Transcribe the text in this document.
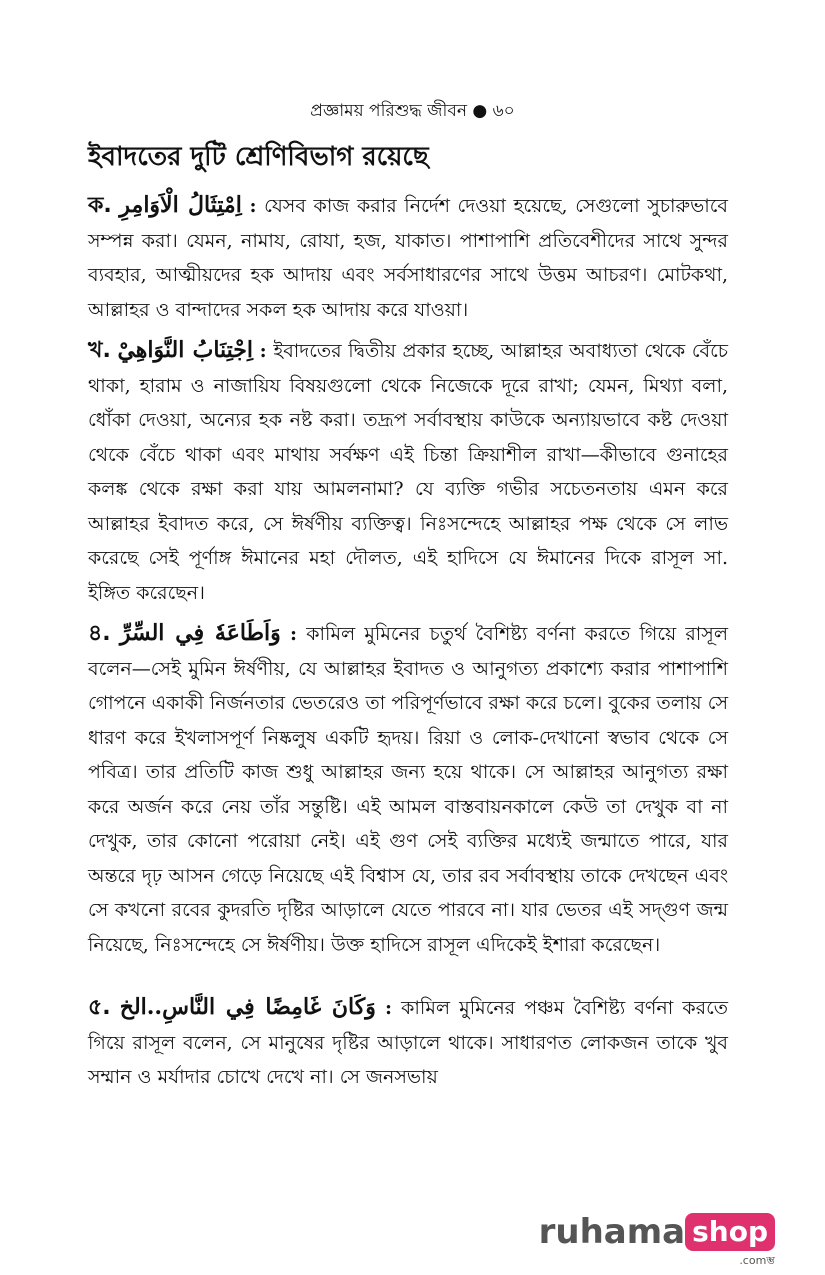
প্রজ্ঞাময় পরিশুদ্ধ জীবন ● ৬০
ইবাদতের দুটি শ্রেণিবিভাগ রয়েছে

ক. اِمْتِثَالُ الْاَوَامِرِ : যেসব কাজ করার নির্দেশ দেওয়া হয়েছে, সেগুলো সুচারুভাবে সম্পন্ন করা। যেমন, নামায, রোযা, হজ, যাকাত। পাশাপাশি প্রতিবেশীদের সাথে সুন্দর ব্যবহার, আত্মীয়দের হক আদায় এবং সর্বসাধারণের সাথে উত্তম আচরণ। মোটকথা, আল্লাহর ও বান্দাদের সকল হক আদায় করে যাওয়া।

খ. اِجْتِنَابُ النَّوَاهِيْ : ইবাদতের দ্বিতীয় প্রকার হচ্ছে, আল্লাহর অবাধ্যতা থেকে বেঁচে থাকা, হারাম ও নাজায়িয বিষয়গুলো থেকে নিজেকে দূরে রাখা; যেমন, মিথ্যা বলা, ধোঁকা দেওয়া, অন্যের হক নষ্ট করা। তদ্রূপ সর্বাবস্থায় কাউকে অন্যায়ভাবে কষ্ট দেওয়া থেকে বেঁচে থাকা এবং মাথায় সর্বক্ষণ এই চিন্তা ক্রিয়াশীল রাখা—কীভাবে গুনাহের কলঙ্ক থেকে রক্ষা করা যায় আমলনামা? যে ব্যক্তি গভীর সচেতনতায় এমন করে আল্লাহর ইবাদত করে, সে ঈর্ষণীয় ব্যক্তিত্ব। নিঃসন্দেহে আল্লাহর পক্ষ থেকে সে লাভ করেছে সেই পূর্ণাঙ্গ ঈমানের মহা দৌলত, এই হাদিসে যে ঈমানের দিকে রাসূল সা. ইঙ্গিত করেছেন।

৪. وَاَطَاعَهٗ فِي السِّرِّ : কামিল মুমিনের চতুর্থ বৈশিষ্ট্য বর্ণনা করতে গিয়ে রাসূল বলেন—সেই মুমিন ঈর্ষণীয়, যে আল্লাহর ইবাদত ও আনুগত্য প্রকাশ্যে করার পাশাপাশি গোপনে একাকী নির্জনতার ভেতরেও তা পরিপূর্ণভাবে রক্ষা করে চলে। বুকের তলায় সে ধারণ করে ইখলাসপূর্ণ নিষ্কলুষ একটি হৃদয়। রিয়া ও লোক-দেখানো স্বভাব থেকে সে পবিত্র। তার প্রতিটি কাজ শুধু আল্লাহর জন্য হয়ে থাকে। সে আল্লাহর আনুগত্য রক্ষা করে অর্জন করে নেয় তাঁর সন্তুষ্টি। এই আমল বাস্তবায়নকালে কেউ তা দেখুক বা না দেখুক, তার কোনো পরোয়া নেই। এই গুণ সেই ব্যক্তির মধ্যেই জন্মাতে পারে, যার অন্তরে দৃঢ় আসন গেড়ে নিয়েছে এই বিশ্বাস যে, তার রব সর্বাবস্থায় তাকে দেখছেন এবং সে কখনো রবের কুদরতি দৃষ্টির আড়ালে যেতে পারবে না। যার ভেতর এই সদ্‌গুণ জন্ম নিয়েছে, নিঃসন্দেহে সে ঈর্ষণীয়। উক্ত হাদিসে রাসূল এদিকেই ইশারা করেছেন।

৫. وَكَانَ غَامِضًا فِي النَّاسِ..الخ : কামিল মুমিনের পঞ্চম বৈশিষ্ট্য বর্ণনা করতে গিয়ে রাসূল বলেন, সে মানুষের দৃষ্টির আড়ালে থাকে। সাধারণত লোকজন তাকে খুব সম্মান ও মর্যাদার চোখে দেখে না। সে জনসভায়

ruhama shop
.comম্ভ
